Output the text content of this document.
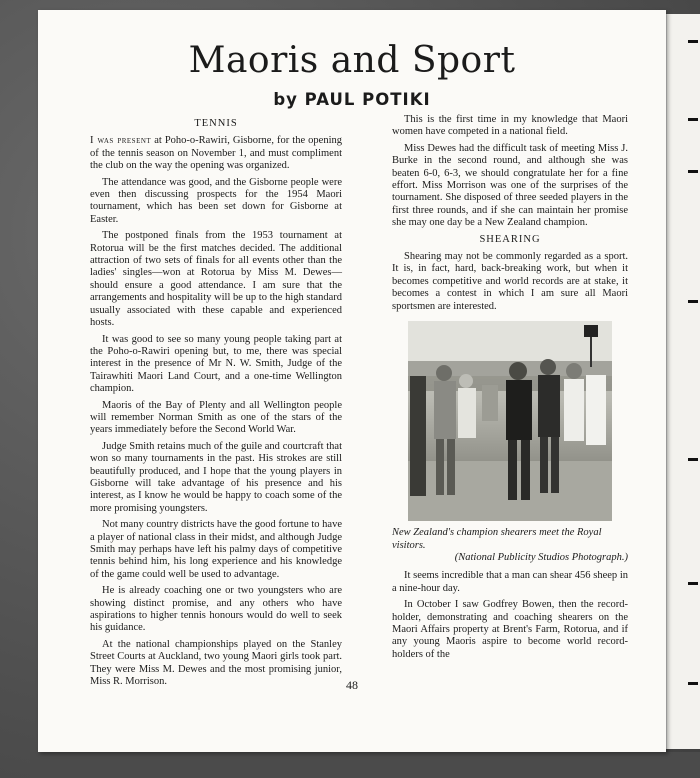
Maoris and Sport
by PAUL POTIKI
TENNIS

I was present at Poho-o-Rawiri, Gisborne, for the opening of the tennis season on November 1, and must compliment the club on the way the opening was organized.

The attendance was good, and the Gisborne people were even then discussing prospects for the 1954 Maori tournament, which has been set down for Gisborne at Easter.

The postponed finals from the 1953 tournament at Rotorua will be the first matches decided. The additional attraction of two sets of finals for all events other than the ladies' singles—won at Rotorua by Miss M. Dewes—should ensure a good attendance. I am sure that the arrangements and hospitality will be up to the high standard usually associated with these capable and experienced hosts.

It was good to see so many young people taking part at the Poho-o-Rawiri opening but, to me, there was special interest in the presence of Mr N. W. Smith, Judge of the Tairawhiti Maori Land Court, and a one-time Wellington champion.

Maoris of the Bay of Plenty and all Wellington people will remember Norman Smith as one of the stars of the years immediately before the Second World War.

Judge Smith retains much of the guile and courtcraft that won so many tournaments in the past. His strokes are still beautifully produced, and I hope that the young players in Gisborne will take advantage of his presence and his interest, as I know he would be happy to coach some of the more promising youngsters.

Not many country districts have the good fortune to have a player of national class in their midst, and although Judge Smith may perhaps have left his palmy days of competitive tennis behind him, his long experience and his knowledge of the game could well be used to advantage.

He is already coaching one or two youngsters who are showing distinct promise, and any others who have aspirations to higher tennis honours would do well to seek his guidance.

At the national championships played on the Stanley Street Courts at Auckland, two young Maori girls took part. They were Miss M. Dewes and the most promising junior, Miss R. Morrison.

This is the first time in my knowledge that Maori women have competed in a national field.

Miss Dewes had the difficult task of meeting Miss J. Burke in the second round, and although she was beaten 6-0, 6-3, we should congratulate her for a fine effort. Miss Morrison was one of the surprises of the tournament. She disposed of three seeded players in the first three rounds, and if she can maintain her promise she may one day be a New Zealand champion.

SHEARING

Shearing may not be commonly regarded as a sport. It is, in fact, hard, back-breaking work, but when it becomes competitive and world records are at stake, it becomes a contest in which I am sure all Maori sportsmen are interested.

New Zealand's champion shearers meet the Royal visitors.
(National Publicity Studios Photograph.)

It seems incredible that a man can shear 456 sheep in a nine-hour day.

In October I saw Godfrey Bowen, then the record-holder, demonstrating and coaching shearers on the Maori Affairs property at Brent's Farm, Rotorua, and if any young Maoris aspire to become world record-holders of the

48
